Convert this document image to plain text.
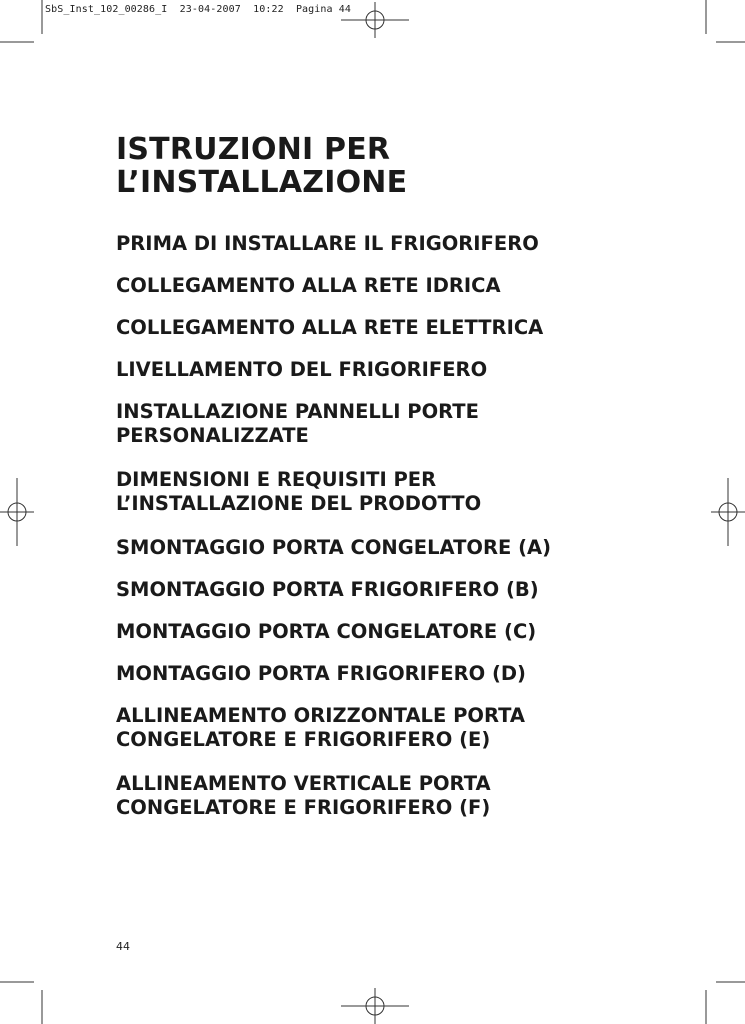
SbS_Inst_102_00286_I  23-04-2007  10:22  Pagina 44
ISTRUZIONI PER
L’INSTALLAZIONE
PRIMA DI INSTALLARE IL FRIGORIFERO
COLLEGAMENTO ALLA RETE IDRICA
COLLEGAMENTO ALLA RETE ELETTRICA
LIVELLAMENTO DEL FRIGORIFERO
INSTALLAZIONE PANNELLI PORTE
PERSONALIZZATE
DIMENSIONI E REQUISITI PER
L’INSTALLAZIONE DEL PRODOTTO
SMONTAGGIO PORTA CONGELATORE (A)
SMONTAGGIO PORTA FRIGORIFERO (B)
MONTAGGIO PORTA CONGELATORE (C)
MONTAGGIO PORTA FRIGORIFERO (D)
ALLINEAMENTO ORIZZONTALE PORTA
CONGELATORE E FRIGORIFERO (E)
ALLINEAMENTO VERTICALE PORTA
CONGELATORE E FRIGORIFERO (F)
44
